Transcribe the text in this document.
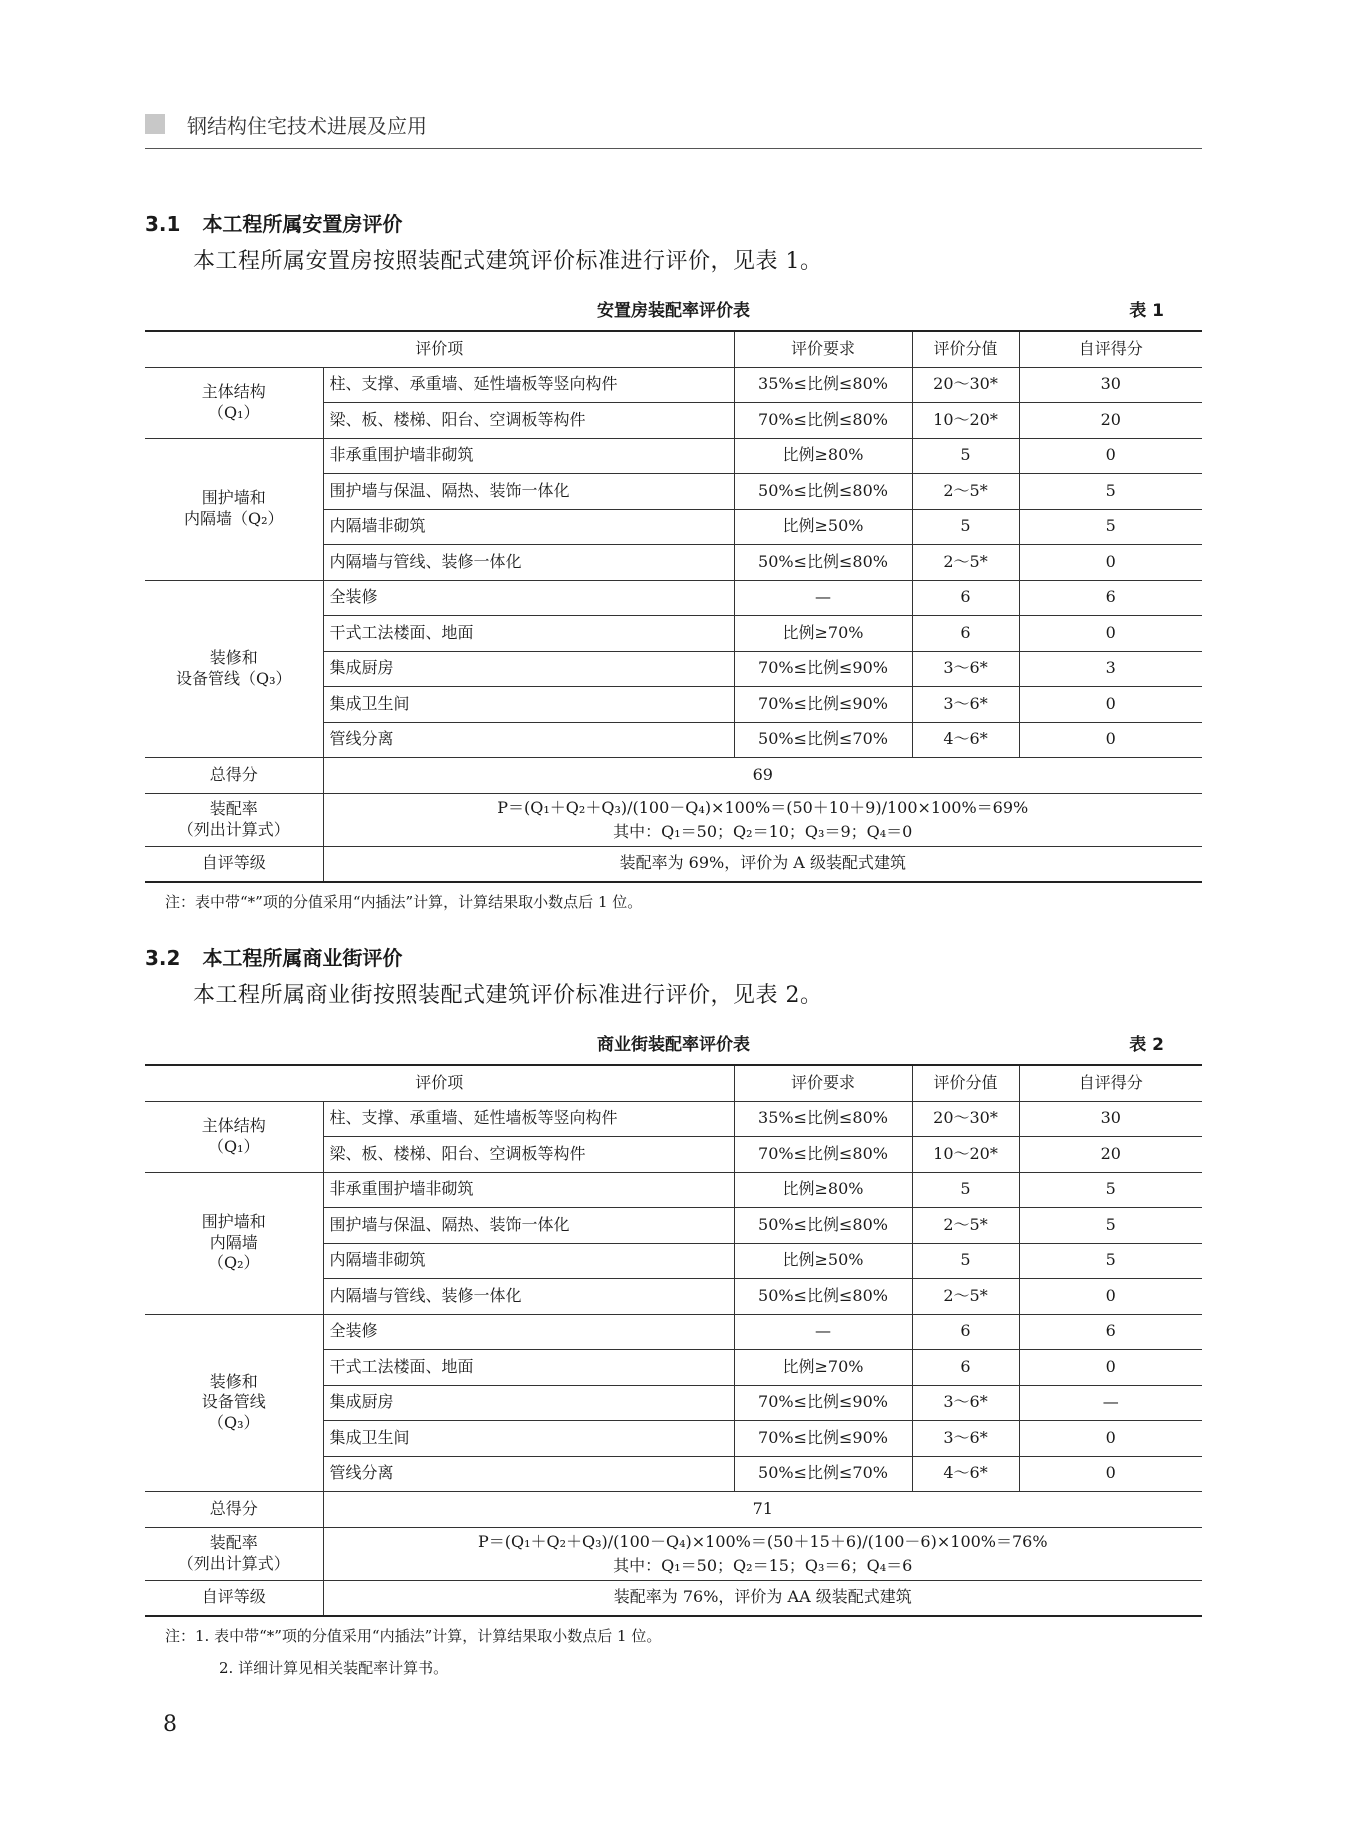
钢结构住宅技术进展及应用
3.1 本工程所属安置房评价
本工程所属安置房按照装配式建筑评价标准进行评价，见表 1。
安置房装配率评价表	表 1
评价项		评价要求	评价分值	自评得分
主体结构
（Q₁）	柱、支撑、承重墙、延性墙板等竖向构件	35%≤比例≤80%	20～30*	30
	梁、板、楼梯、阳台、空调板等构件	70%≤比例≤80%	10～20*	20
围护墙和
内隔墙（Q₂）	非承重围护墙非砌筑	比例≥80%	5	0
	围护墙与保温、隔热、装饰一体化	50%≤比例≤80%	2～5*	5
	内隔墙非砌筑	比例≥50%	5	5
	内隔墙与管线、装修一体化	50%≤比例≤80%	2～5*	0
装修和
设备管线（Q₃）	全装修	—	6	6
	干式工法楼面、地面	比例≥70%	6	0
	集成厨房	70%≤比例≤90%	3～6*	3
	集成卫生间	70%≤比例≤90%	3～6*	0
	管线分离	50%≤比例≤70%	4～6*	0
总得分	69			
装配率
（列出计算式）	P＝(Q₁＋Q₂＋Q₃)/(100－Q₄)×100%＝(50＋10＋9)/100×100%＝69%
其中：Q₁＝50；Q₂＝10；Q₃＝9；Q₄＝0			

自评等级	装配率为 69%，评价为 A 级装配式建筑			
注：表中带“*”项的分值采用“内插法”计算，计算结果取小数点后 1 位。
3.2 本工程所属商业街评价
本工程所属商业街按照装配式建筑评价标准进行评价，见表 2。
商业街装配率评价表	表 2
评价项		评价要求	评价分值	自评得分
主体结构
（Q₁）	柱、支撑、承重墙、延性墙板等竖向构件	35%≤比例≤80%	20～30*	30
	梁、板、楼梯、阳台、空调板等构件	70%≤比例≤80%	10～20*	20
围护墙和
内隔墙
（Q₂）	非承重围护墙非砌筑	比例≥80%	5	5
	围护墙与保温、隔热、装饰一体化	50%≤比例≤80%	2～5*	5
	内隔墙非砌筑	比例≥50%	5	5
	内隔墙与管线、装修一体化	50%≤比例≤80%	2～5*	0
装修和
设备管线
（Q₃）	全装修	—	6	6
	干式工法楼面、地面	比例≥70%	6	0
	集成厨房	70%≤比例≤90%	3～6*	—
	集成卫生间	70%≤比例≤90%	3～6*	0
	管线分离	50%≤比例≤70%	4～6*	0
总得分	71			
装配率
（列出计算式）	P＝(Q₁＋Q₂＋Q₃)/(100－Q₄)×100%＝(50＋15＋6)/(100－6)×100%＝76%
其中：Q₁＝50；Q₂＝15；Q₃＝6；Q₄＝6			

自评等级	装配率为 76%，评价为 AA 级装配式建筑			
注：1. 表中带“*”项的分值采用“内插法”计算，计算结果取小数点后 1 位。
2. 详细计算见相关装配率计算书。
8
